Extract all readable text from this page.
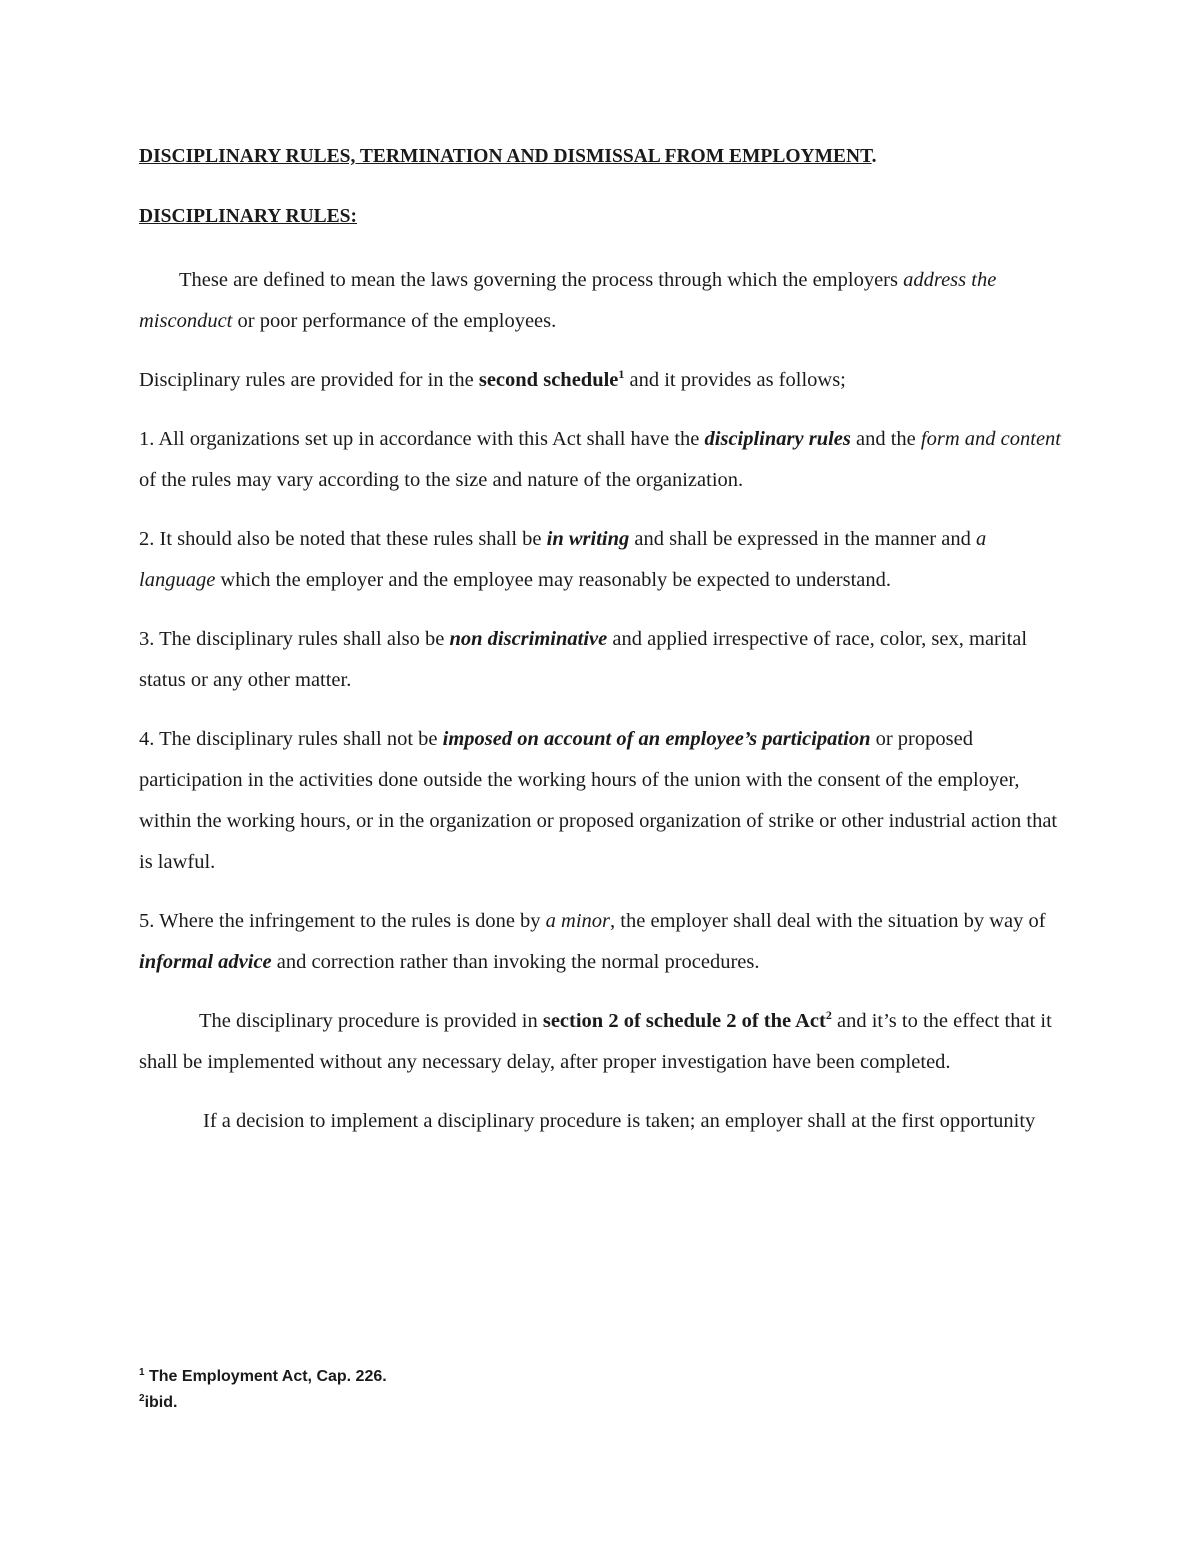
DISCIPLINARY RULES, TERMINATION AND DISMISSAL FROM EMPLOYMENT.
DISCIPLINARY RULES:

These are defined to mean the laws governing the process through which the employers address the misconduct or poor performance of the employees.

Disciplinary rules are provided for in the second schedule$^1$ and it provides as follows;

1. All organizations set up in accordance with this Act shall have the disciplinary rules and the form and content of the rules may vary according to the size and nature of the organization.

2. It should also be noted that these rules shall be in writing and shall be expressed in the manner and a language which the employer and the employee may reasonably be expected to understand.

3. The disciplinary rules shall also be non discriminative and applied irrespective of race, color, sex, marital status or any other matter.

4. The disciplinary rules shall not be imposed on account of an employee’s participation or proposed participation in the activities done outside the working hours of the union with the consent of the employer, within the working hours, or in the organization or proposed organization of strike or other industrial action that is lawful.

5. Where the infringement to the rules is done by a minor, the employer shall deal with the situation by way of informal advice and correction rather than invoking the normal procedures.

The disciplinary procedure is provided in section 2 of schedule 2 of the Act$^2$ and it’s to the effect that it shall be implemented without any necessary delay, after proper investigation have been completed.

If a decision to implement a disciplinary procedure is taken; an employer shall at the first opportunity

$^1$ The Employment Act, Cap. 226.
$^2$ibid.
